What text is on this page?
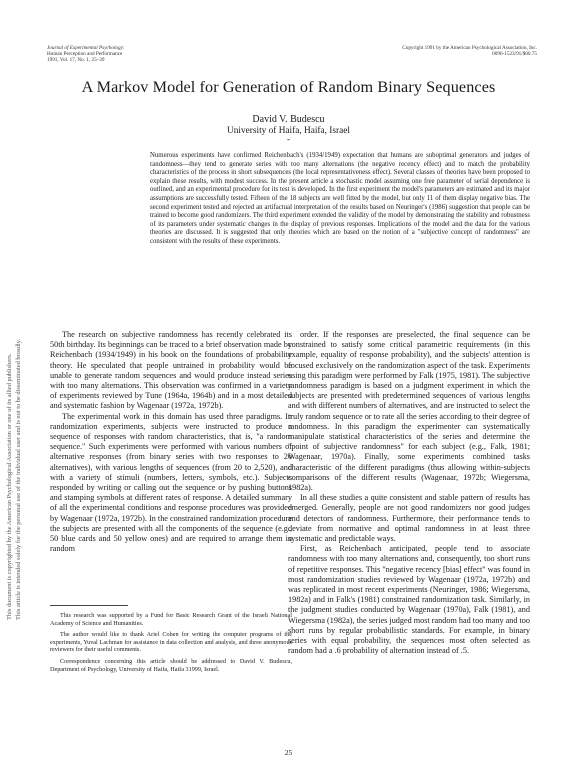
Journal of Experimental Psychology:
Human Perception and Performance
1991, Vol. 17, No. 1, 25–39
Copyright 1991 by the American Psychological Association, Inc.
0096-1523/91/$00.75
This document is copyrighted by the American Psychological Association or one of its allied publishers. This article is intended solely for the personal use of the individual user and is not to be disseminated broadly.
A Markov Model for Generation of Random Binary Sequences
David V. Budescu
University of Haifa, Haifa, Israel
-

Numerous experiments have confirmed Reichenbach's (1934/1949) expectation that humans are suboptimal generators and judges of randomness—they tend to generate series with too many alternations (the negative recency effect) and to match the probability characteristics of the process in short subsequences (the local representativeness effect). Several classes of theories have been proposed to explain these results, with modest success. In the present article a stochastic model assuming one free parameter of serial dependence is outlined, and an experimental procedure for its test is developed. In the first experiment the model's parameters are estimated and its major assumptions are successfully tested. Fifteen of the 18 subjects are well fitted by the model, but only 11 of them display negative bias. The second experiment tested and rejected an artifactual interpretation of the results based on Neuringer's (1986) suggestion that people can be trained to become good randomizers. The third experiment extended the validity of the model by demonstrating the stability and robustness of its parameters under systematic changes in the display of previous responses. Implications of the model and the data for the various theories are discussed. It is suggested that only theories which are based on the notion of a "subjective concept of randomness" are consistent with the results of these experiments.

The research on subjective randomness has recently celebrated its 50th birthday. Its beginnings can be traced to a brief observation made by Reichenbach (1934/1949) in his book on the foundations of probability theory. He speculated that people untrained in probability would be unable to generate random sequences and would produce instead series with too many alternations. This observation was confirmed in a variety of experiments reviewed by Tune (1964a, 1964b) and in a most detailed and systematic fashion by Wagenaar (1972a, 1972b).

The experimental work in this domain has used three paradigms. In randomization experiments, subjects were instructed to produce a sequence of responses with random characteristics, that is, "a random sequence." Such experiments were performed with various numbers of alternative responses (from binary series with two responses to 26 alternatives), with various lengths of sequences (from 20 to 2,520), and with a variety of stimuli (numbers, letters, symbols, etc.). Subjects responded by writing or calling out the sequence or by pushing buttons and stamping symbols at different rates of response. A detailed summary of all the experimental conditions and response procedures was provided by Wagenaar (1972a, 1972b). In the constrained randomization procedure the subjects are presented with all the components of the sequence (e.g., 50 blue cards and 50 yellow ones) and are required to arrange them in random

order. If the responses are preselected, the final sequence can be constrained to satisfy some critical parametric requirements (in this example, equality of response probability), and the subjects' attention is focused exclusively on the randomization aspect of the task. Experiments using this paradigm were performed by Falk (1975, 1981). The subjective randomness paradigm is based on a judgment experiment in which the subjects are presented with predetermined sequences of various lengths and with different numbers of alternatives, and are instructed to select the truly random sequence or to rate all the series according to their degree of randomness. In this paradigm the experimenter can systematically manipulate statistical characteristics of the series and determine the "point of subjective randomness" for each subject (e.g., Falk, 1981; Wagenaar, 1970a). Finally, some experiments combined tasks characteristic of the different paradigms (thus allowing within-subjects comparisons of the different results (Wagenaar, 1972b; Wiegersma, 1982a).

In all these studies a quite consistent and stable pattern of results has emerged. Generally, people are not good randomizers nor good judges and detectors of randomness. Furthermore, their performance tends to deviate from normative and optimal randomness in at least three systematic and predictable ways.

First, as Reichenbach anticipated, people tend to associate randomness with too many alternations and, consequently, too short runs of repetitive responses. This "negative recency [bias] effect" was found in most randomization studies reviewed by Wagenaar (1972a, 1972b) and was replicated in most recent experiments (Neuringer, 1986; Wiegersma, 1982a) and in Falk's (1981) constrained randomization task. Similarly, in the judgment studies conducted by Wagenaar (1970a), Falk (1981), and Wiegersma (1982a), the series judged most random had too many and too short runs by regular probabilistic standards. For example, in binary series with equal probability, the sequences most often selected as random had a .6 probability of alternation instead of .5.

This research was supported by a Fund for Basic Research Grant of the Israeli National Academy of Science and Humanities.

The author would like to thank Ariel Cohen for writing the computer programs of the experiments, Yuval Lachman for assistance in data collection and analysis, and three anonymous reviewers for their useful comments.

Correspondence concerning this article should be addressed to David V. Budescu, Department of Psychology, University of Haifa, Haifa 31999, Israel.

25
